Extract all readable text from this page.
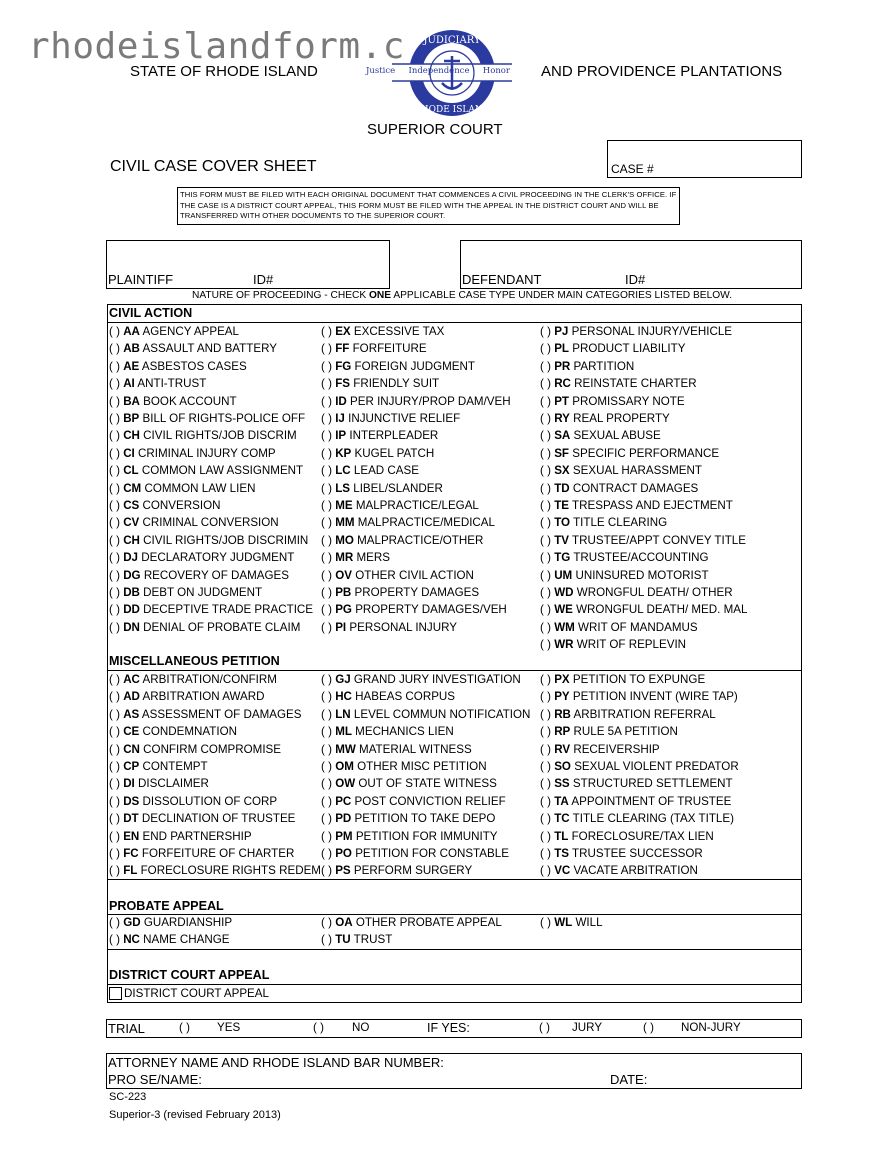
rhodeislandform.c
STATE OF RHODE ISLAND	AND PROVIDENCE PLANTATIONS
JUDICIARY
RHODE ISLAND
Justice Independence Honor
SUPERIOR COURT
CIVIL CASE COVER SHEET	CASE #
THIS FORM MUST BE FILED WITH EACH ORIGINAL DOCUMENT THAT COMMENCES A CIVIL PROCEEDING IN THE CLERK'S OFFICE. IF THE CASE IS A DISTRICT COURT APPEAL, THIS FORM MUST BE FILED WITH THE APPEAL IN THE DISTRICT COURT AND WILL BE TRANSFERRED WITH OTHER DOCUMENTS TO THE SUPERIOR COURT.
PLAINTIFF	ID#	DEFENDANT	ID#
NATURE OF PROCEEDING - CHECK ONE APPLICABLE CASE TYPE UNDER MAIN CATEGORIES LISTED BELOW.
CIVIL ACTION
( ) AA AGENCY APPEAL	( ) EX EXCESSIVE TAX	( ) PJ PERSONAL INJURY/VEHICLE
( ) AB ASSAULT AND BATTERY	( ) FF FORFEITURE	( ) PL PRODUCT LIABILITY
( ) AE ASBESTOS CASES	( ) FG FOREIGN JUDGMENT	( ) PR PARTITION
( ) AI ANTI-TRUST	( ) FS FRIENDLY SUIT	( ) RC REINSTATE CHARTER
( ) BA BOOK ACCOUNT	( ) ID PER INJURY/PROP DAM/VEH	( ) PT PROMISSARY NOTE
( ) BP BILL OF RIGHTS-POLICE OFF ( ) IJ INJUNCTIVE RELIEF	( ) RY REAL PROPERTY
( ) CH CIVIL RIGHTS/JOB DISCRIM ( ) IP INTERPLEADER	( ) SA SEXUAL ABUSE
( ) CI CRIMINAL INJURY COMP	( ) KP KUGEL PATCH	( ) SF SPECIFIC PERFORMANCE
( ) CL COMMON LAW ASSIGNMENT ( ) LC LEAD CASE	( ) SX SEXUAL HARASSMENT
( ) CM COMMON LAW LIEN	( ) LS LIBEL/SLANDER	( ) TD CONTRACT DAMAGES
( ) CS CONVERSION	( ) ME MALPRACTICE/LEGAL	( ) TE TRESPASS AND EJECTMENT
( ) CV CRIMINAL CONVERSION	( ) MM MALPRACTICE/MEDICAL	( ) TO TITLE CLEARING
( ) CH CIVIL RIGHTS/JOB DISCRIMIN ( ) MO MALPRACTICE/OTHER	( ) TV TRUSTEE/APPT CONVEY TITLE
( ) DJ DECLARATORY JUDGMENT ( ) MR MERS	( ) TG TRUSTEE/ACCOUNTING
( ) DG RECOVERY OF DAMAGES	( ) OV OTHER CIVIL ACTION	( ) UM UNINSURED MOTORIST
( ) DB DEBT ON JUDGMENT	( ) PB PROPERTY DAMAGES	( ) WD WRONGFUL DEATH/ OTHER
( ) DD DECEPTIVE TRADE PRACTICE ( ) PG PROPERTY DAMAGES/VEH	( ) WE WRONGFUL DEATH/ MED. MAL
( ) DN DENIAL OF PROBATE CLAIM ( ) PI PERSONAL INJURY	( ) WM WRIT OF MANDAMUS
( ) WR WRIT OF REPLEVIN
MISCELLANEOUS PETITION
( ) AC ARBITRATION/CONFIRM	( ) GJ GRAND JURY INVESTIGATION ( ) PX PETITION TO EXPUNGE
( ) AD ARBITRATION AWARD	( ) HC HABEAS CORPUS	( ) PY PETITION INVENT (WIRE TAP)
( ) AS ASSESSMENT OF DAMAGES ( ) LN LEVEL COMMUN NOTIFICATION ( ) RB ARBITRATION REFERRAL
( ) CE CONDEMNATION	( ) ML MECHANICS LIEN	( ) RP RULE 5A PETITION
( ) CN CONFIRM COMPROMISE	( ) MW MATERIAL WITNESS	( ) RV RECEIVERSHIP
( ) CP CONTEMPT	( ) OM OTHER MISC PETITION	( ) SO SEXUAL VIOLENT PREDATOR
( ) DI DISCLAIMER	( ) OW OUT OF STATE WITNESS	( ) SS STRUCTURED SETTLEMENT
( ) DS DISSOLUTION OF CORP	( ) PC POST CONVICTION RELIEF	( ) TA APPOINTMENT OF TRUSTEE
( ) DT DECLINATION OF TRUSTEE ( ) PD PETITION TO TAKE DEPO	( ) TC TITLE CLEARING (TAX TITLE)
( ) EN END PARTNERSHIP	( ) PM PETITION FOR IMMUNITY	( ) TL FORECLOSURE/TAX LIEN
( ) FC FORFEITURE OF CHARTER ( ) PO PETITION FOR CONSTABLE	( ) TS TRUSTEE SUCCESSOR
( ) FL FORECLOSURE RIGHTS REDEM ( ) PS PERFORM SURGERY	( ) VC VACATE ARBITRATION
PROBATE APPEAL
( ) GD GUARDIANSHIP	( ) OA OTHER PROBATE APPEAL	( ) WL WILL
( ) NC NAME CHANGE	( ) TU TRUST
DISTRICT COURT APPEAL
DISTRICT COURT APPEAL
TRIAL	( ) YES	( ) NO	IF YES:	( ) JURY	( ) NON-JURY
ATTORNEY NAME AND RHODE ISLAND BAR NUMBER:
PRO SE/NAME:	DATE:
SC-223
Superior-3 (revised February 2013)
